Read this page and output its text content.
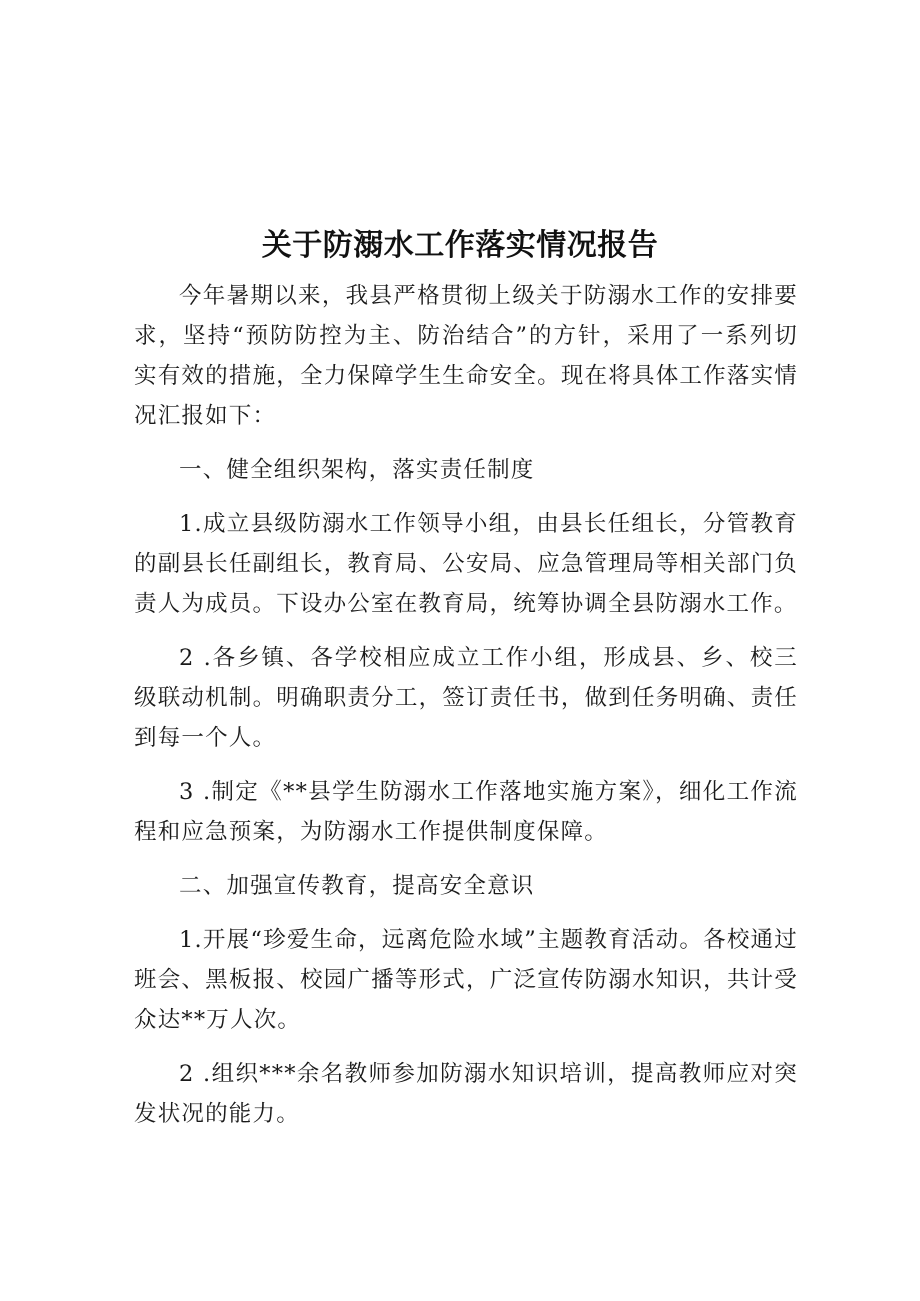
关于防溺水工作落实情况报告

今年暑期以来，我县严格贯彻上级关于防溺水工作的安排要求，坚持“预防防控为主、防治结合”的方针，采用了一系列切实有效的措施，全力保障学生生命安全。现在将具体工作落实情况汇报如下：

一、健全组织架构，落实责任制度

1.成立县级防溺水工作领导小组，由县长任组长，分管教育的副县长任副组长，教育局、公安局、应急管理局等相关部门负责人为成员。下设办公室在教育局，统筹协调全县防溺水工作。

2 .各乡镇、各学校相应成立工作小组，形成县、乡、校三级联动机制。明确职责分工，签订责任书，做到任务明确、责任到每一个人。

3 .制定《**县学生防溺水工作落地实施方案》，细化工作流程和应急预案，为防溺水工作提供制度保障。

二、加强宣传教育，提高安全意识

1.开展“珍爱生命，远离危险水域”主题教育活动。各校通过班会、黑板报、校园广播等形式，广泛宣传防溺水知识，共计受众达**万人次。

2 .组织***余名教师参加防溺水知识培训，提高教师应对突发状况的能力。
